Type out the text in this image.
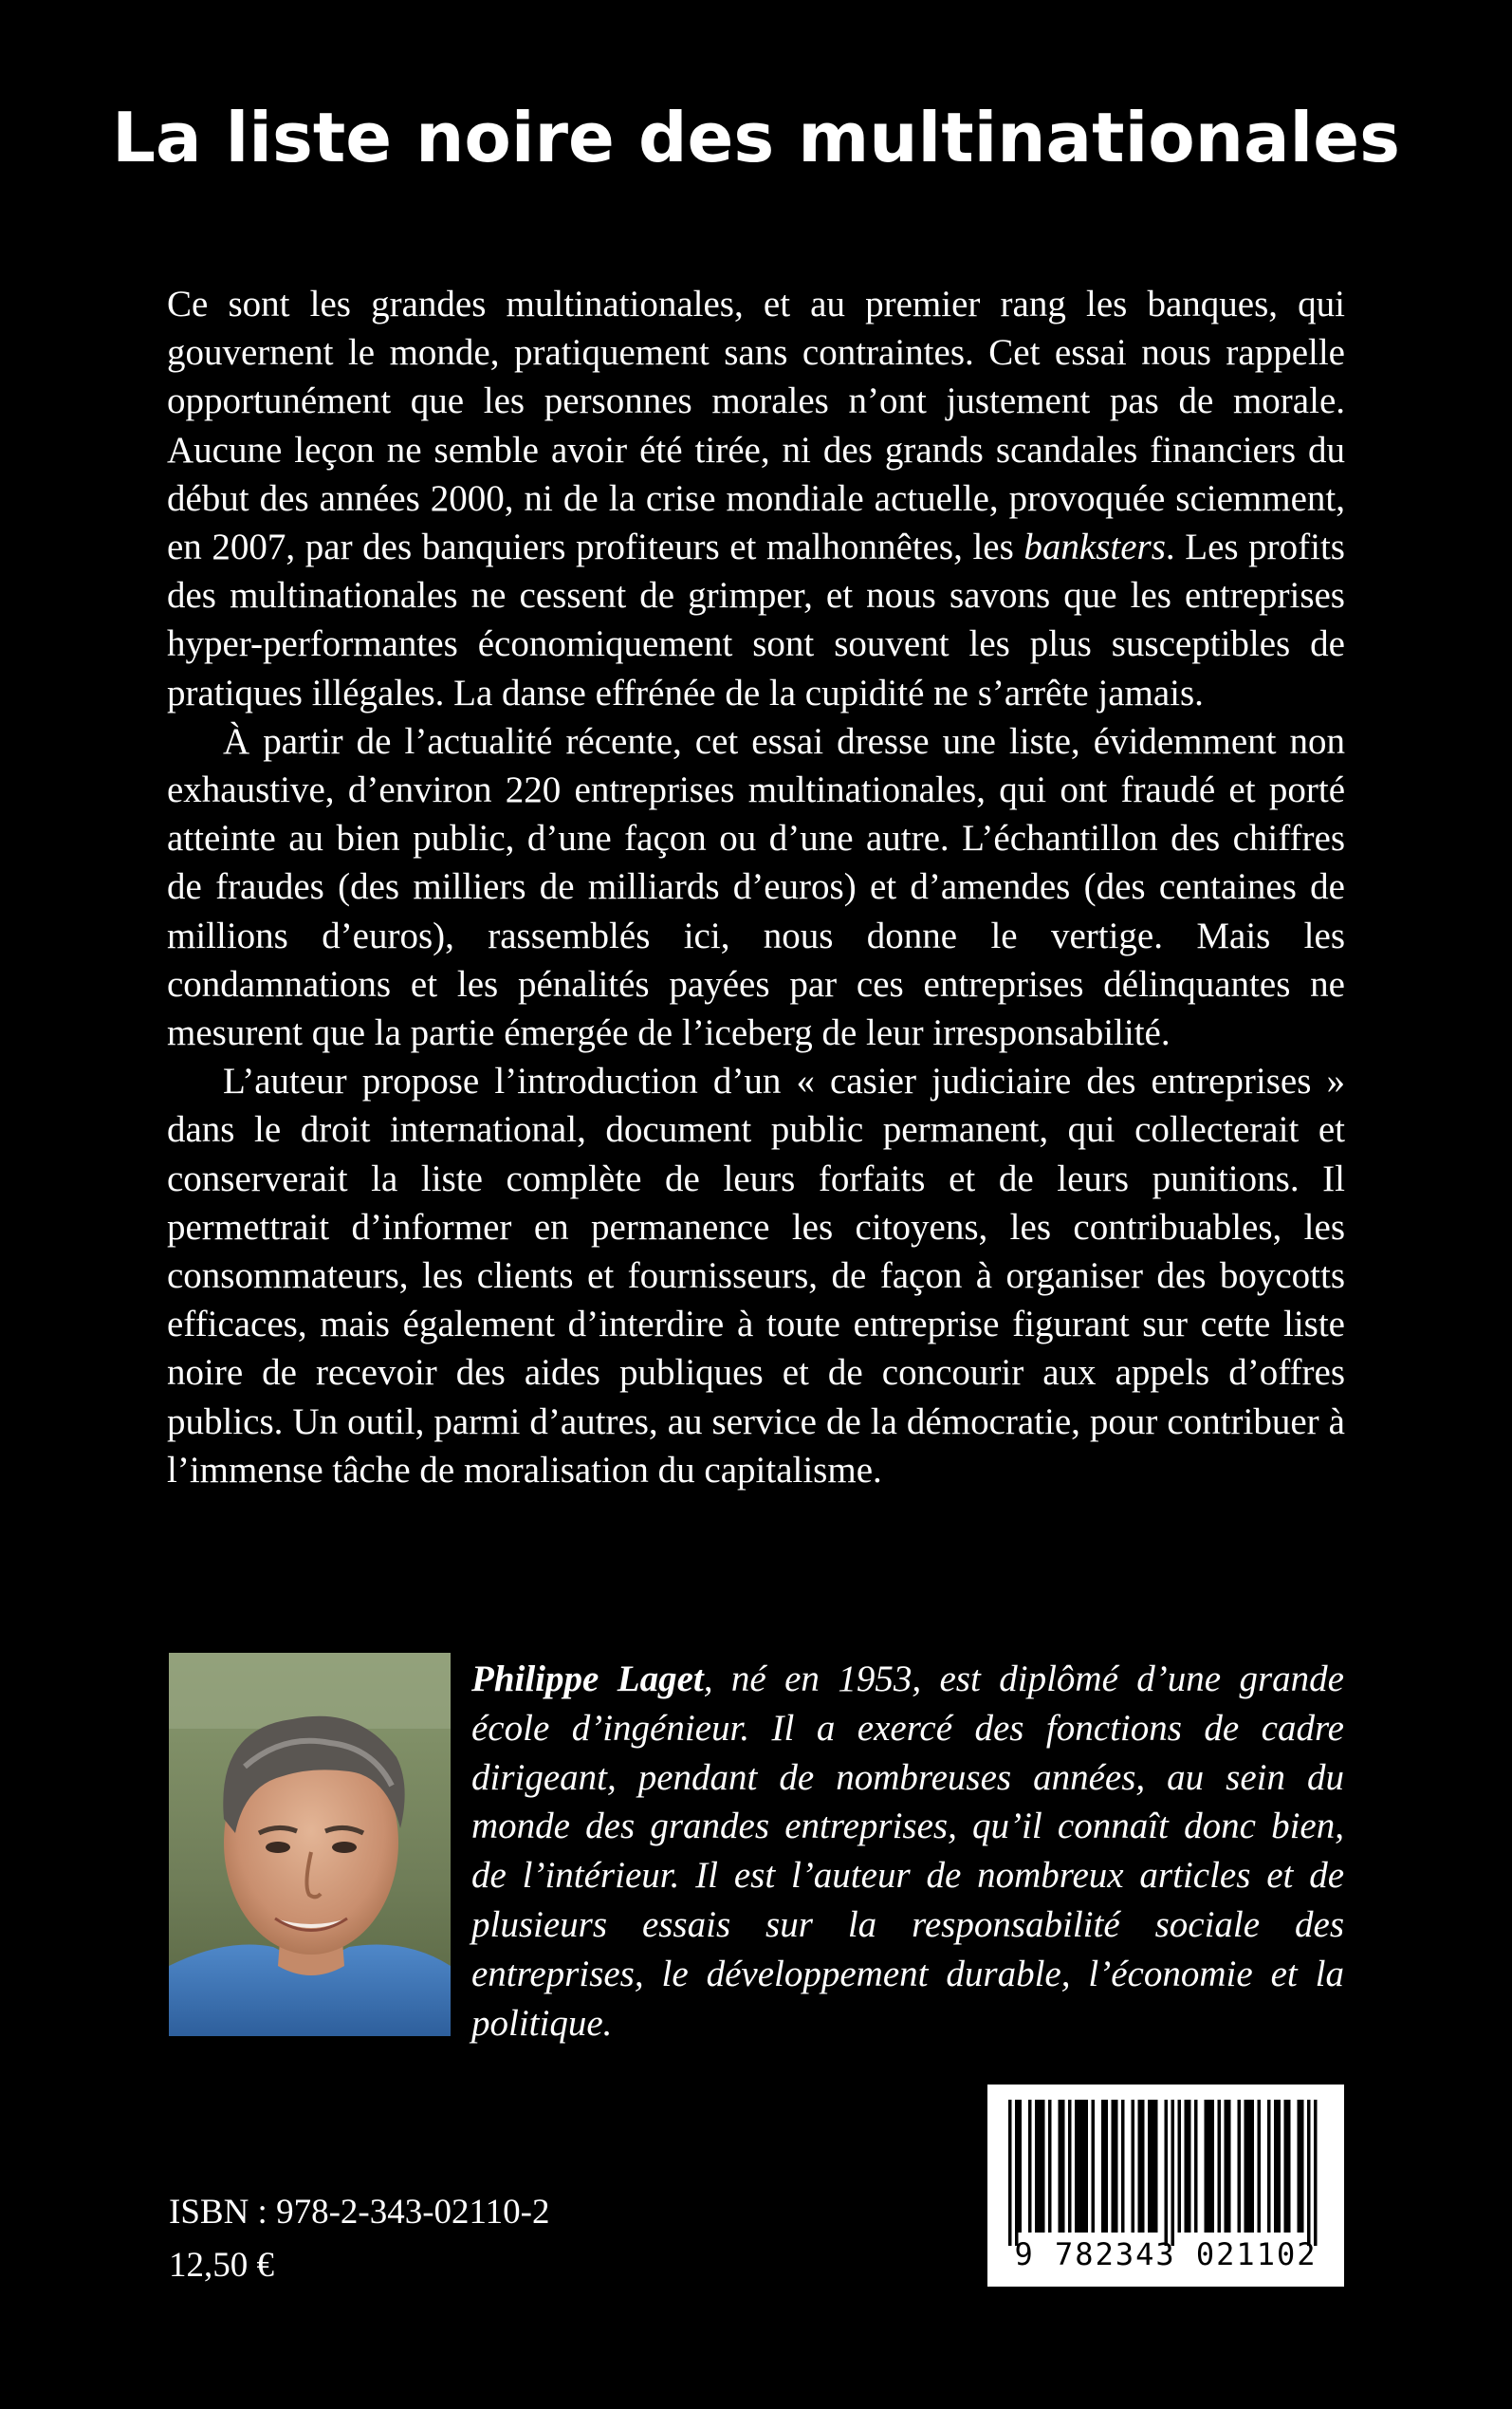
La liste noire des multinationales

Ce sont les grandes multinationales, et au premier rang les banques, qui gouvernent le monde, pratiquement sans contraintes. Cet essai nous rappelle opportunément que les personnes morales n’ont justement pas de morale. Aucune leçon ne semble avoir été tirée, ni des grands scandales financiers du début des années 2000, ni de la crise mondiale actuelle, provoquée sciemment, en 2007, par des banquiers profiteurs et malhonnêtes, les banksters. Les profits des multinationales ne cessent de grimper, et nous savons que les entreprises hyper-performantes économiquement sont souvent les plus susceptibles de pratiques illégales. La danse effrénée de la cupidité ne s’arrête jamais.

À partir de l’actualité récente, cet essai dresse une liste, évidemment non exhaustive, d’environ 220 entreprises multinationales, qui ont fraudé et porté atteinte au bien public, d’une façon ou d’une autre. L’échantillon des chiffres de fraudes (des milliers de milliards d’euros) et d’amendes (des centaines de millions d’euros), rassemblés ici, nous donne le vertige. Mais les condamnations et les pénalités payées par ces entreprises délinquantes ne mesurent que la partie émergée de l’iceberg de leur irresponsabilité.

L’auteur propose l’introduction d’un « casier judiciaire des entreprises » dans le droit international, document public permanent, qui collecterait et conserverait la liste complète de leurs forfaits et de leurs punitions. Il permettrait d’informer en permanence les citoyens, les contribuables, les consommateurs, les clients et fournisseurs, de façon à organiser des boycotts efficaces, mais également d’interdire à toute entreprise figurant sur cette liste noire de recevoir des aides publiques et de concourir aux appels d’offres publics. Un outil, parmi d’autres, au service de la démocratie, pour contribuer à l’immense tâche de moralisation du capitalisme.

Philippe Laget, né en 1953, est diplômé d’une grande école d’ingénieur. Il a exercé des fonctions de cadre dirigeant, pendant de nombreuses années, au sein du monde des grandes entreprises, qu’il connaît donc bien, de l’intérieur. Il est l’auteur de nombreux articles et de plusieurs essais sur la responsabilité sociale des entreprises, le développement durable, l’économie et la politique.

9 782343 021102

ISBN : 978-2-343-02110-2

12,50 €
